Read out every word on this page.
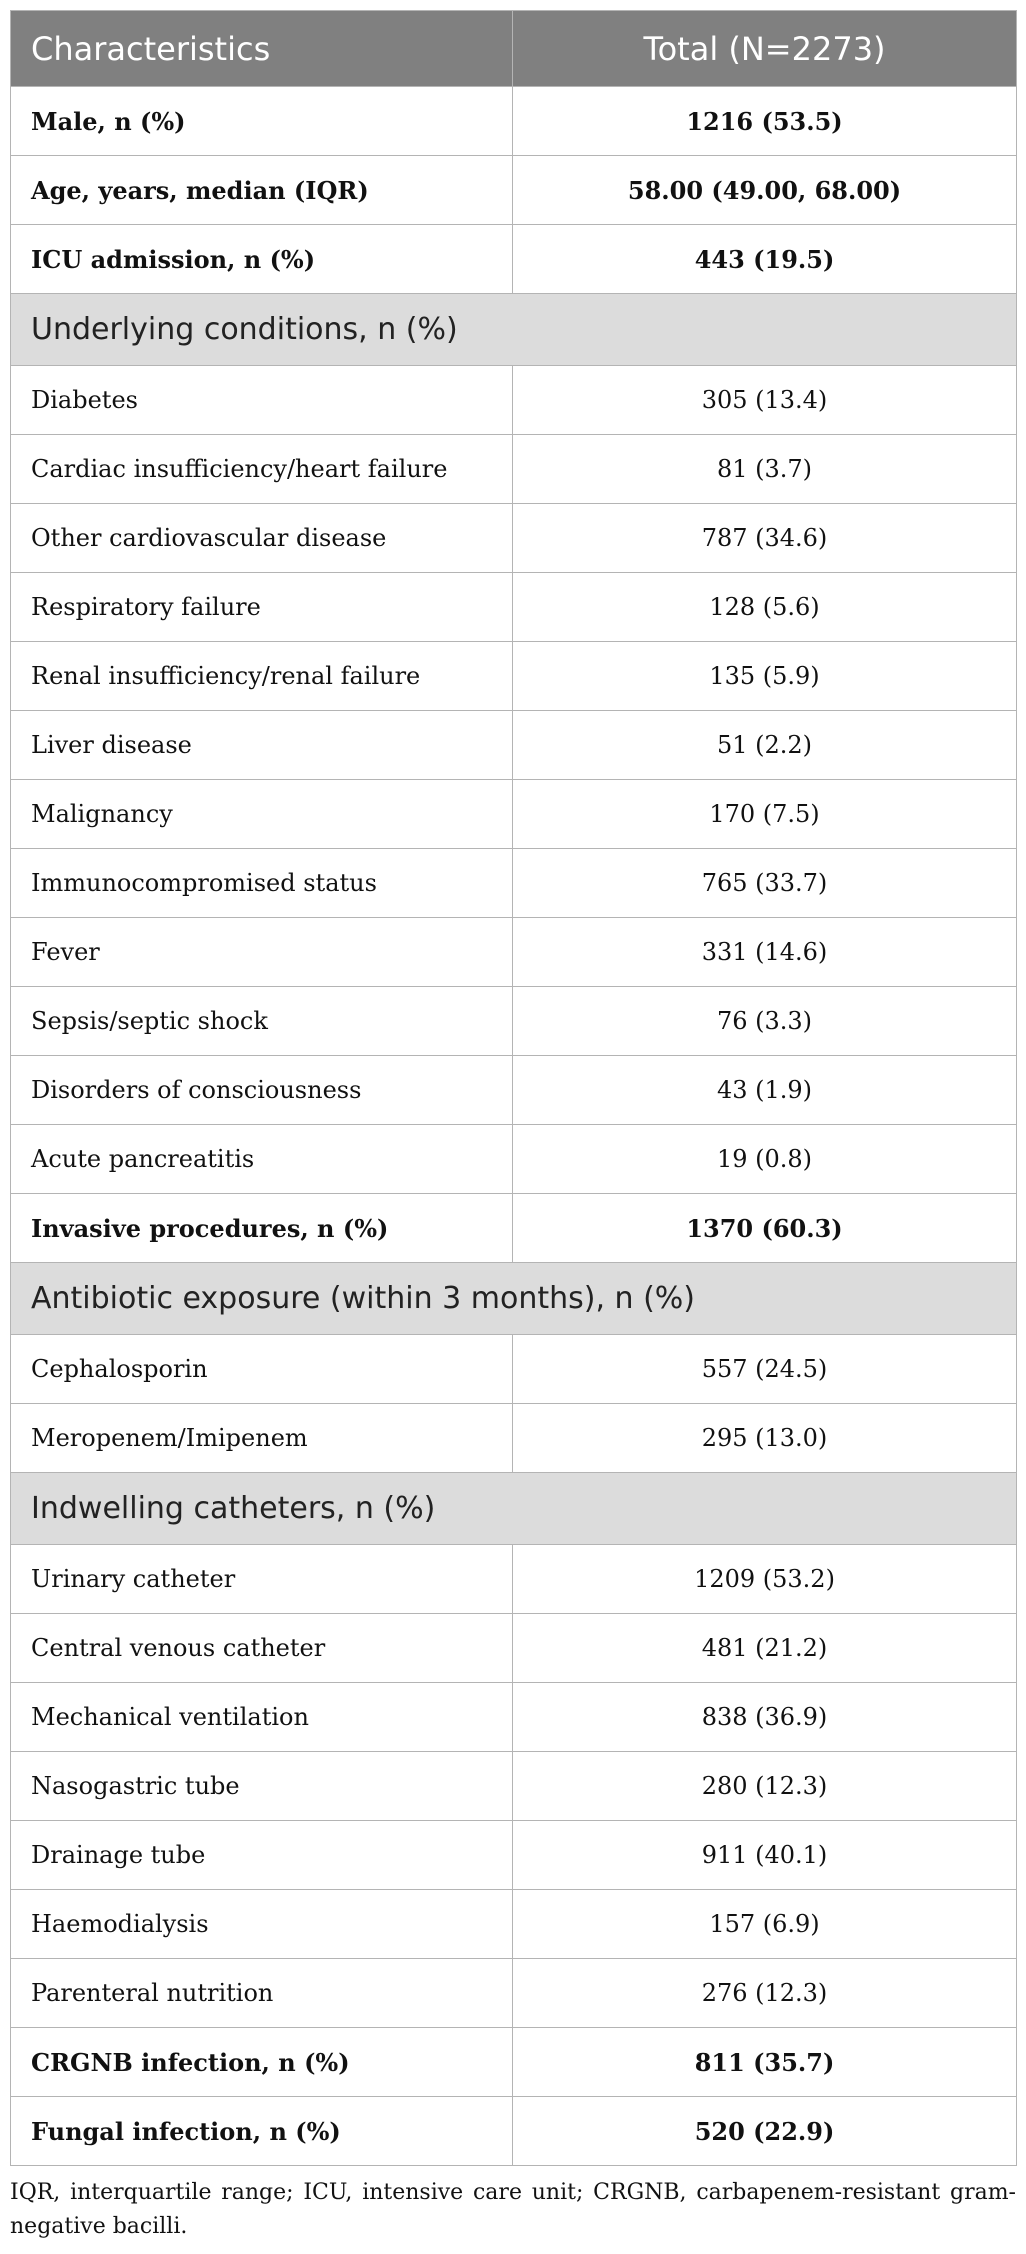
Characteristics	Total (N=2273)
Male, n (%)	1216 (53.5)
Age, years, median (IQR)	58.00 (49.00, 68.00)
ICU admission, n (%)	443 (19.5)
Underlying conditions, n (%)	
Diabetes	305 (13.4)
Cardiac insufficiency/heart failure	81 (3.7)
Other cardiovascular disease	787 (34.6)
Respiratory failure	128 (5.6)
Renal insufficiency/renal failure	135 (5.9)
Liver disease	51 (2.2)
Malignancy	170 (7.5)
Immunocompromised status	765 (33.7)
Fever	331 (14.6)
Sepsis/septic shock	76 (3.3)
Disorders of consciousness	43 (1.9)
Acute pancreatitis	19 (0.8)
Invasive procedures, n (%)	1370 (60.3)
Antibiotic exposure (within 3 months), n (%)	
Cephalosporin	557 (24.5)
Meropenem/Imipenem	295 (13.0)
Indwelling catheters, n (%)	
Urinary catheter	1209 (53.2)
Central venous catheter	481 (21.2)
Mechanical ventilation	838 (36.9)
Nasogastric tube	280 (12.3)
Drainage tube	911 (40.1)
Haemodialysis	157 (6.9)
Parenteral nutrition	276 (12.3)
CRGNB infection, n (%)	811 (35.7)
Fungal infection, n (%)	520 (22.9)
IQR, interquartile range; ICU, intensive care unit; CRGNB, carbapenem-resistant gram-negative bacilli.
